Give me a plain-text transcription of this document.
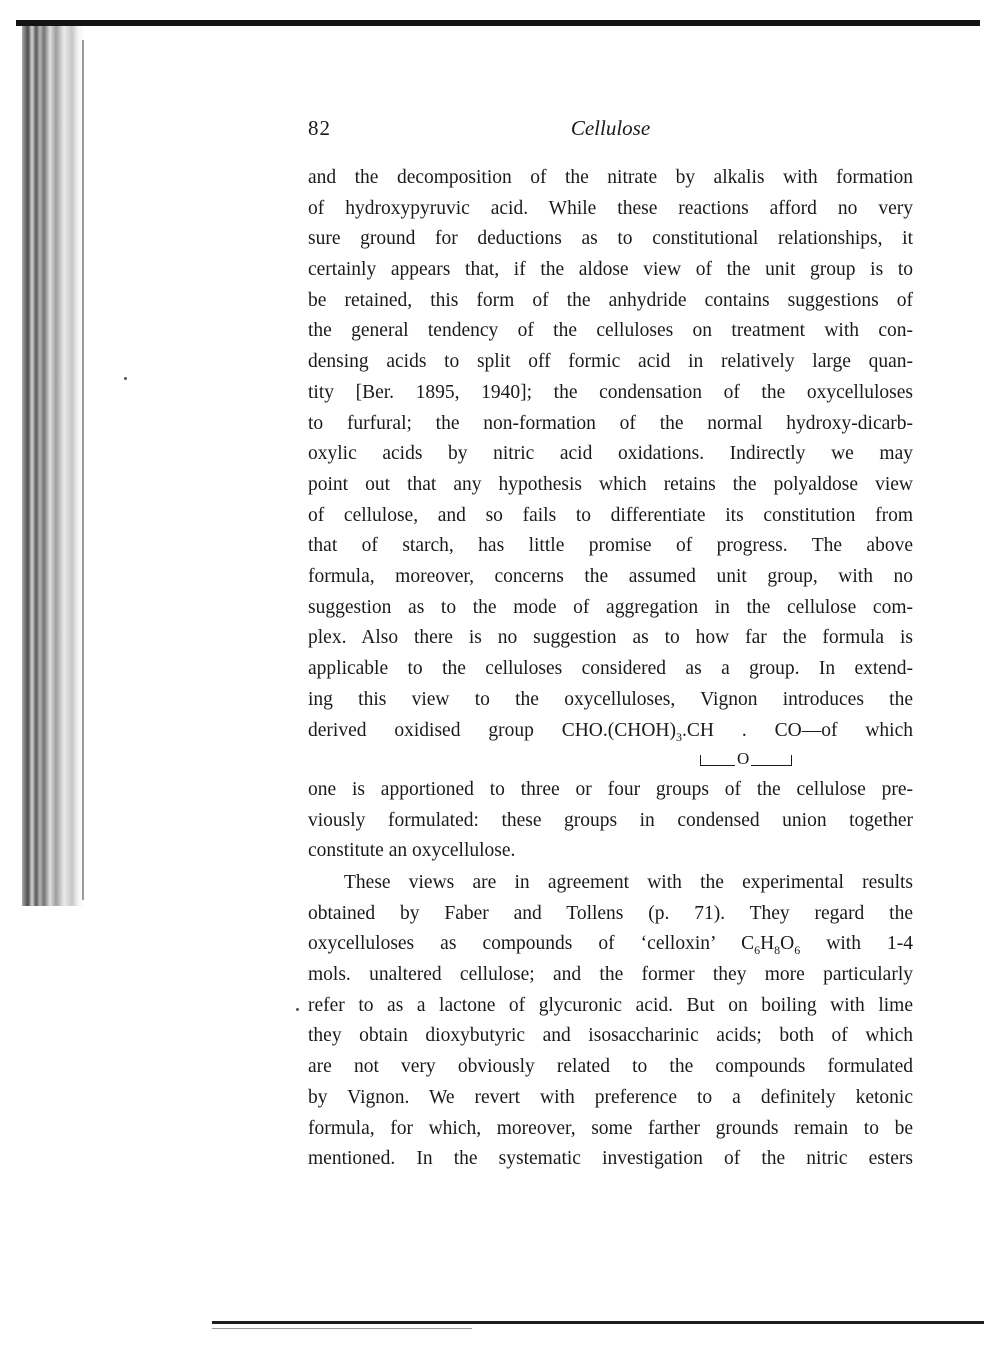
82	Cellulose
and the decomposition of the nitrate by alkalis with formation
of hydroxypyruvic acid. While these reactions afford no very
sure ground for deductions as to constitutional relationships, it
certainly appears that, if the aldose view of the unit group is to
be retained, this form of the anhydride contains suggestions of
the general tendency of the celluloses on treatment with con-
densing acids to split off formic acid in relatively large quan-
tity [Ber. 1895, 1940]; the condensation of the oxycelluloses
to furfural; the non-formation of the normal hydroxy-dicarb-
oxylic acids by nitric acid oxidations. Indirectly we may
point out that any hypothesis which retains the polyaldose view
of cellulose, and so fails to differentiate its constitution from
that of starch, has little promise of progress. The above
formula, moreover, concerns the assumed unit group, with no
suggestion as to the mode of aggregation in the cellulose com-
plex. Also there is no suggestion as to how far the formula is
applicable to the celluloses considered as a group. In extend-
ing this view to the oxycelluloses, Vignon introduces the
derived oxidised group $CHO.(CHOH)_3.CH$ . CO—of which
O
one is apportioned to three or four groups of the cellulose pre-
viously formulated: these groups in condensed union together
constitute an oxycellulose.
These views are in agreement with the experimental results
obtained by Faber and Tollens (p. 71). They regard the
oxycelluloses as compounds of ‘celloxin’ $C_6H_8O_6$ with 1-4
mols. unaltered cellulose; and the former they more particularly
refer to as a lactone of glycuronic acid. But on boiling with lime
they obtain dioxybutyric and isosaccharinic acids; both of which
are not very obviously related to the compounds formulated
by Vignon. We revert with preference to a definitely ketonic
formula, for which, moreover, some farther grounds remain to be
mentioned. In the systematic investigation of the nitric esters
